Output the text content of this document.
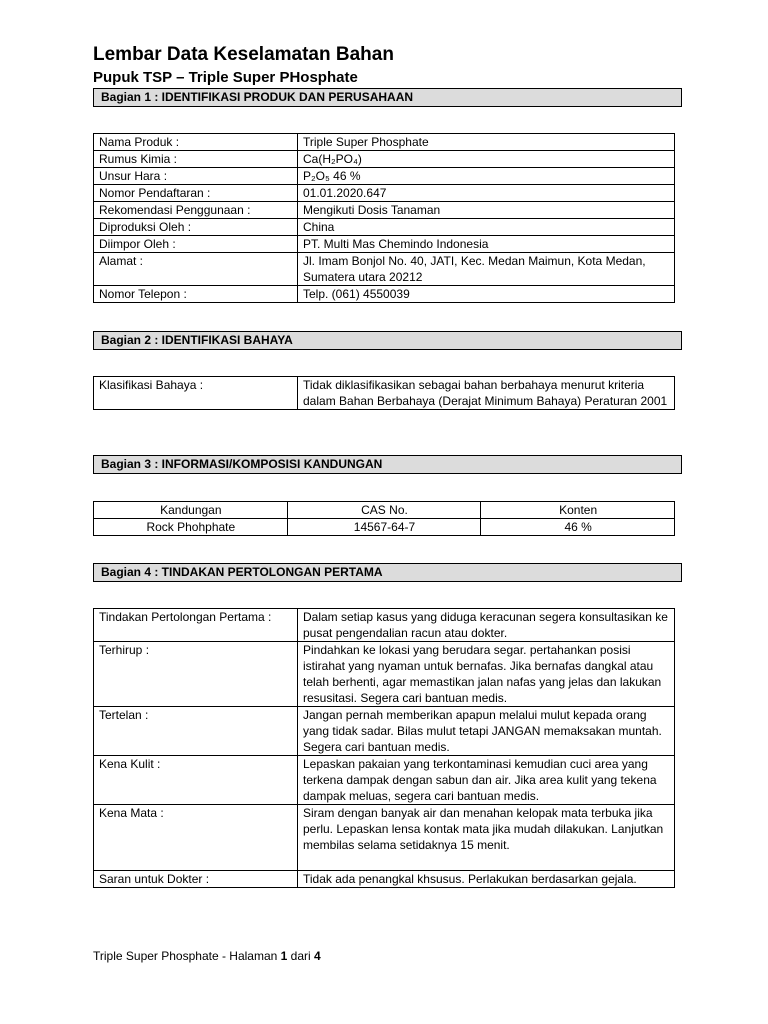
Lembar Data Keselamatan Bahan
Pupuk TSP – Triple Super PHosphate
Bagian 1 : IDENTIFIKASI PRODUK DAN PERUSAHAAN
Nama Produk :	Triple Super Phosphate
Rumus Kimia :	Ca(H₂PO₄)
Unsur Hara :	P₂O₅ 46 %
Nomor Pendaftaran :	01.01.2020.647
Rekomendasi Penggunaan :	Mengikuti Dosis Tanaman
Diproduksi Oleh :	China
Diimpor Oleh :	PT. Multi Mas Chemindo Indonesia
Alamat :	Jl. Imam Bonjol No. 40, JATI, Kec. Medan Maimun, Kota Medan, Sumatera utara 20212
Nomor Telepon :	Telp. (061) 4550039
Bagian 2 : IDENTIFIKASI BAHAYA
Klasifikasi Bahaya :	Tidak diklasifikasikan sebagai bahan berbahaya menurut kriteria dalam Bahan Berbahaya (Derajat Minimum Bahaya) Peraturan 2001
Bagian 3 : INFORMASI/KOMPOSISI KANDUNGAN
Kandungan	CAS No.	Konten
Rock Phohphate	14567-64-7	46 %
Bagian 4 : TINDAKAN PERTOLONGAN PERTAMA
Tindakan Pertolongan Pertama :	Dalam setiap kasus yang diduga keracunan segera konsultasikan ke pusat pengendalian racun atau dokter.
Terhirup :	Pindahkan ke lokasi yang berudara segar. pertahankan posisi istirahat yang nyaman untuk bernafas. Jika bernafas dangkal atau telah berhenti, agar memastikan jalan nafas yang jelas dan lakukan resusitasi. Segera cari bantuan medis.
Tertelan :	Jangan pernah memberikan apapun melalui mulut kepada orang yang tidak sadar. Bilas mulut tetapi JANGAN memaksakan muntah. Segera cari bantuan medis.
Kena Kulit :	Lepaskan pakaian yang terkontaminasi kemudian cuci area yang terkena dampak dengan sabun dan air. Jika area kulit yang tekena dampak meluas, segera cari bantuan medis.
Kena Mata :	Siram dengan banyak air dan menahan kelopak mata terbuka jika perlu. Lepaskan lensa kontak mata jika mudah dilakukan. Lanjutkan membilas selama setidaknya 15 menit.
Saran untuk Dokter :	Tidak ada penangkal khsusus. Perlakukan berdasarkan gejala.
Triple Super Phosphate - Halaman 1 dari 4
